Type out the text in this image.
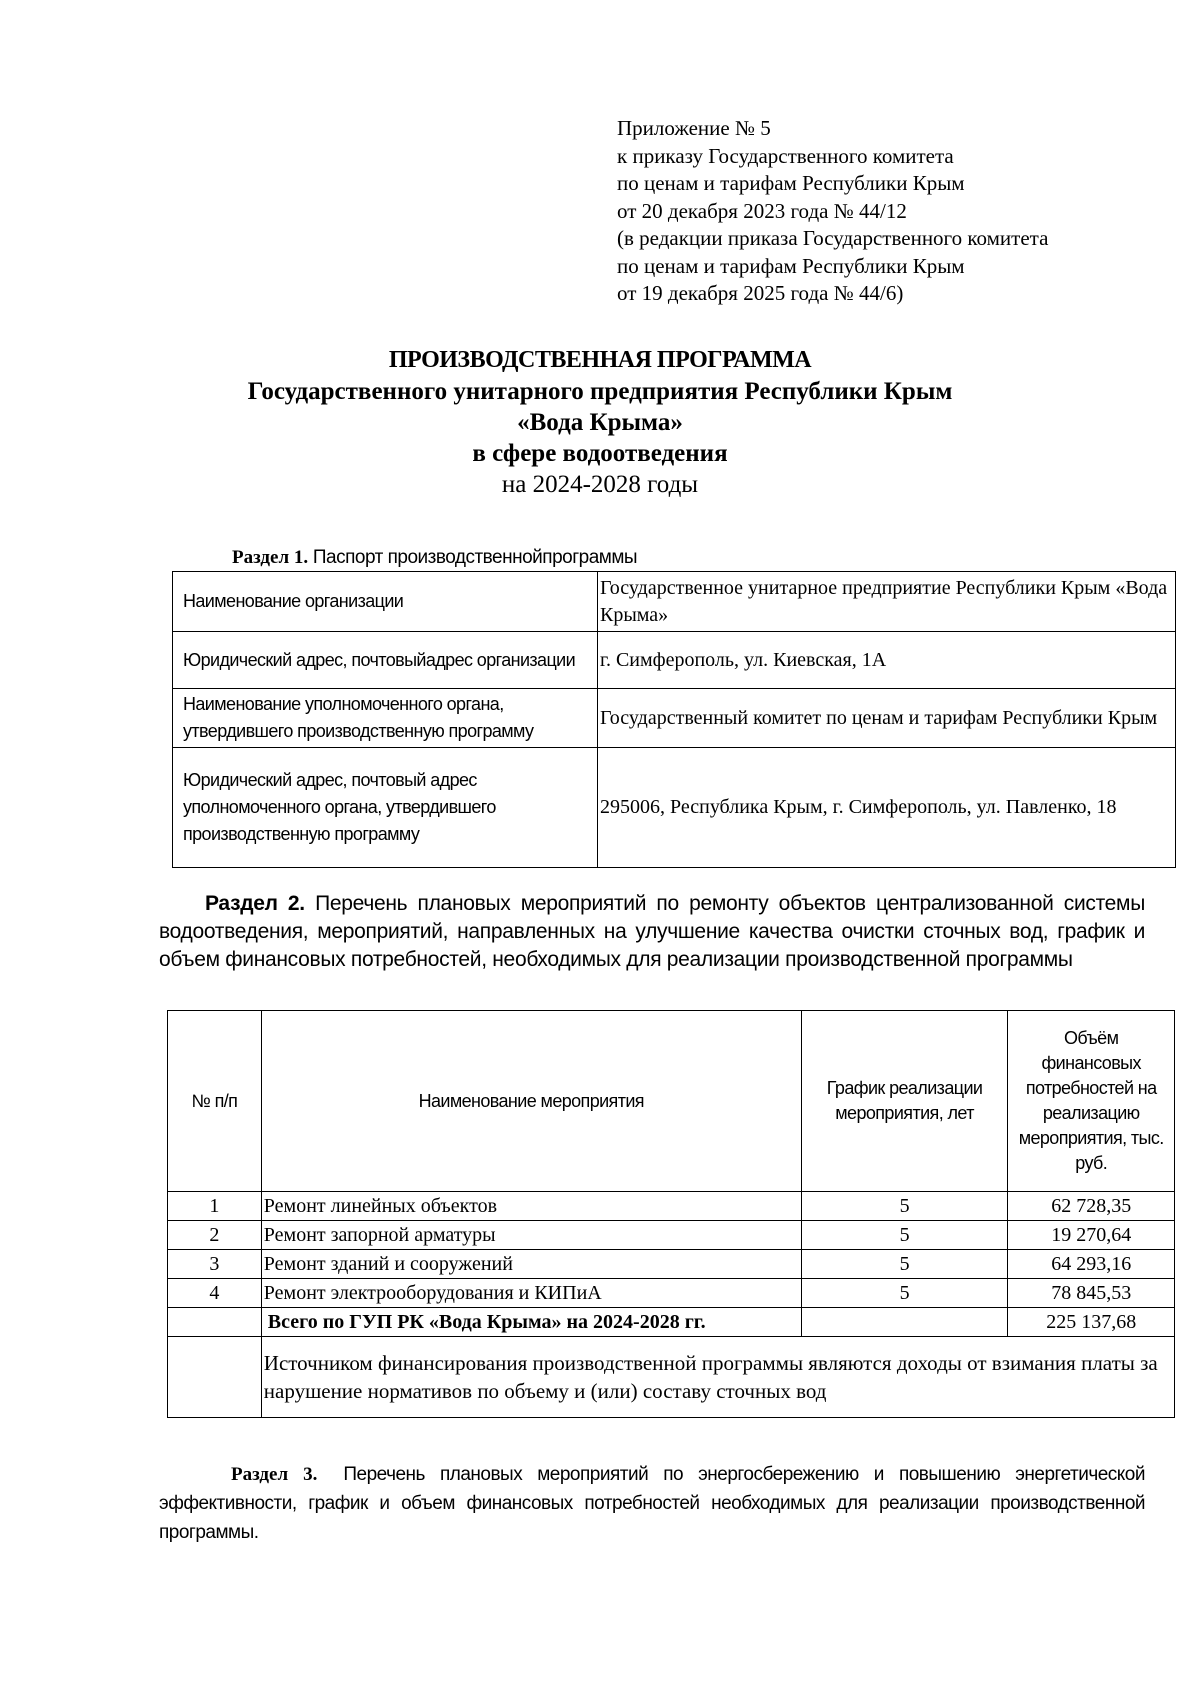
Приложение № 5
к приказу Государственного комитета
по ценам и тарифам Республики Крым
от 20 декабря 2023 года № 44/12
(в редакции приказа Государственного комитета
по ценам и тарифам Республики Крым
от 19 декабря 2025 года № 44/6)
ПРОИЗВОДСТВЕННАЯ ПРОГРАММА
Государственного унитарного предприятия Республики Крым
«Вода Крыма»
в сфере водоотведения
на 2024-2028 годы
Раздел 1. Паспорт производственнойпрограммы
Наименование организации	Государственное унитарное предприятие Республики Крым «Вода Крыма»
Юридический адрес, почтовыйадрес организации	г. Симферополь, ул. Киевская, 1А
Наименование уполномоченного органа, утвердившего производственную программу	Государственный комитет по ценам и тарифам Республики Крым
Юридический адрес, почтовый адрес уполномоченного органа, утвердившего производственную программу	295006, Республика Крым, г. Симферополь, ул. Павленко, 18
Раздел 2. Перечень плановых мероприятий по ремонту объектов централизованной системы водоотведения, мероприятий, направленных на улучшение качества очистки сточных вод, график и объем финансовых потребностей, необходимых для реализации производственной программы
№ п/п	Наименование мероприятия	График реализации мероприятия, лет	Объём финансовых потребностей на реализацию мероприятия, тыс. руб.
1	Ремонт линейных объектов	5	62 728,35
2	Ремонт запорной арматуры	5	19 270,64
3	Ремонт зданий и сооружений	5	64 293,16
4	Ремонт электрооборудования и КИПиА	5	78 845,53
	Всего по ГУП РК «Вода Крыма» на 2024-2028 гг.		225 137,68
	Источником финансирования производственной программы являются доходы от взимания платы за нарушение нормативов по объему и (или) составу сточных вод		
Раздел 3. Перечень плановых мероприятий по энергосбережению и повышению энергетической эффективности, график и объем финансовых потребностей необходимых для реализации производственной программы.
